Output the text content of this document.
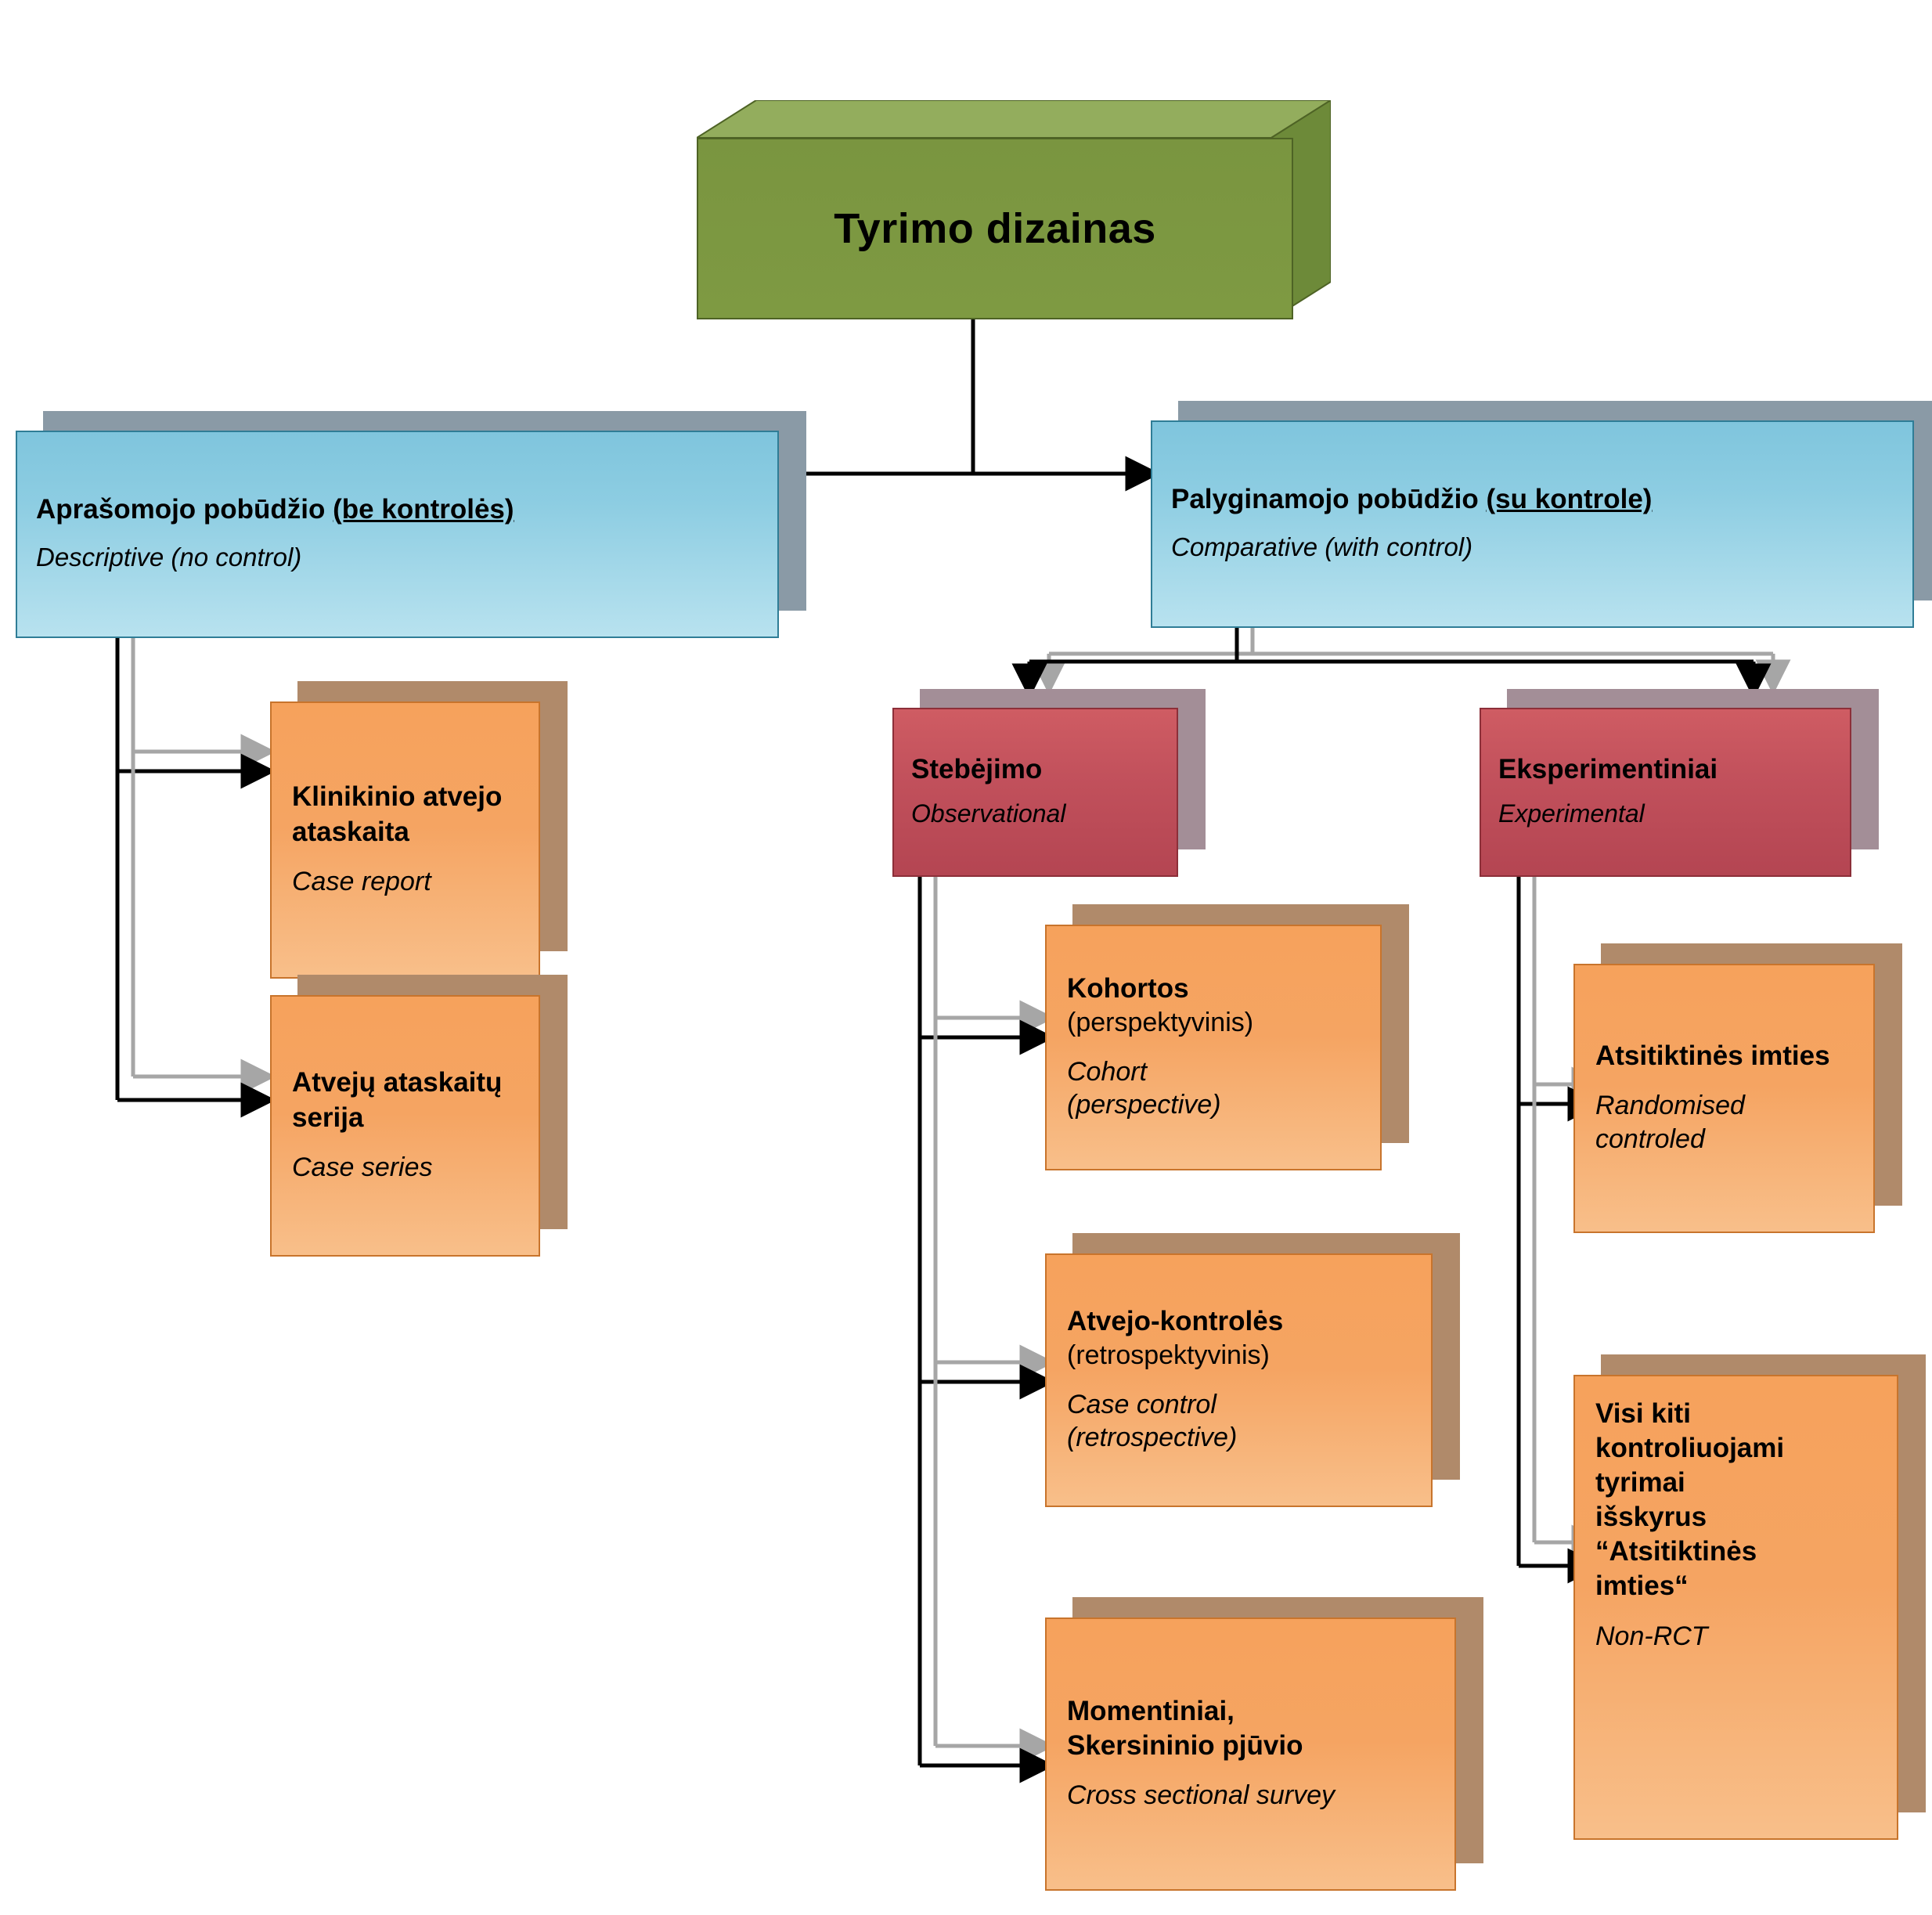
Tyrimo dizainas
Aprašomojo pobūdžio (be kontrolės)
Descriptive (no control)
Palyginamojo pobūdžio (su kontrole)
Comparative (with control)
Stebėjimo
Observational
Eksperimentiniai
Experimental
Klinikinio atvejo ataskaita
Case report
Atvejų ataskaitų serija
Case series
Kohortos
(perspektyvinis)
Cohort
(perspective)
Atvejo-kontrolės
(retrospektyvinis)
Case control
(retrospective)
Momentiniai,
Skersininio pjūvio
Cross sectional survey
Atsitiktinės imties
Randomised
controled
Visi kiti
kontroliuojami
tyrimai
išskyrus
“Atsitiktinės
imties“
Non-RCT
